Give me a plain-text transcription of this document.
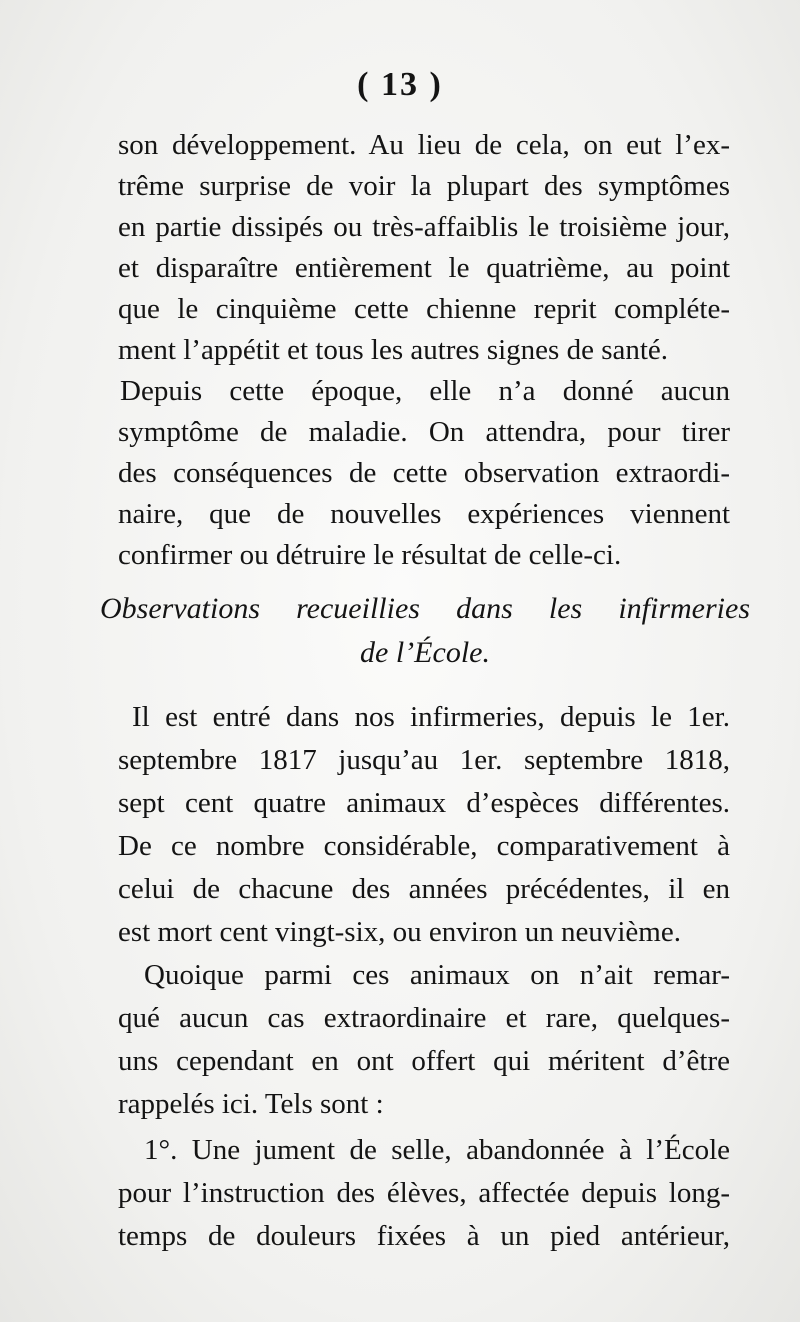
( 13 )
son développement. Au lieu de cela, on eut l’ex-
trême surprise de voir la plupart des symptômes
en partie dissipés ou très-affaiblis le troisième jour,
et disparaître entièrement le quatrième, au point
que le cinquième cette chienne reprit compléte-
ment l’appétit et tous les autres signes de santé.
Depuis cette époque, elle n’a donné aucun
symptôme de maladie. On attendra, pour tirer
des conséquences de cette observation extraordi-
naire, que de nouvelles expériences viennent
confirmer ou détruire le résultat de celle-ci.
Observations recueillies dans les infirmeries
de l’École.
Il est entré dans nos infirmeries, depuis le 1er.
septembre 1817 jusqu’au 1er. septembre 1818,
sept cent quatre animaux d’espèces différentes.
De ce nombre considérable, comparativement à
celui de chacune des années précédentes, il en
est mort cent vingt-six, ou environ un neuvième.
Quoique parmi ces animaux on n’ait remar-
qué aucun cas extraordinaire et rare, quelques-
uns cependant en ont offert qui méritent d’être
rappelés ici. Tels sont :
1°. Une jument de selle, abandonnée à l’École
pour l’instruction des élèves, affectée depuis long-
temps de douleurs fixées à un pied antérieur,
